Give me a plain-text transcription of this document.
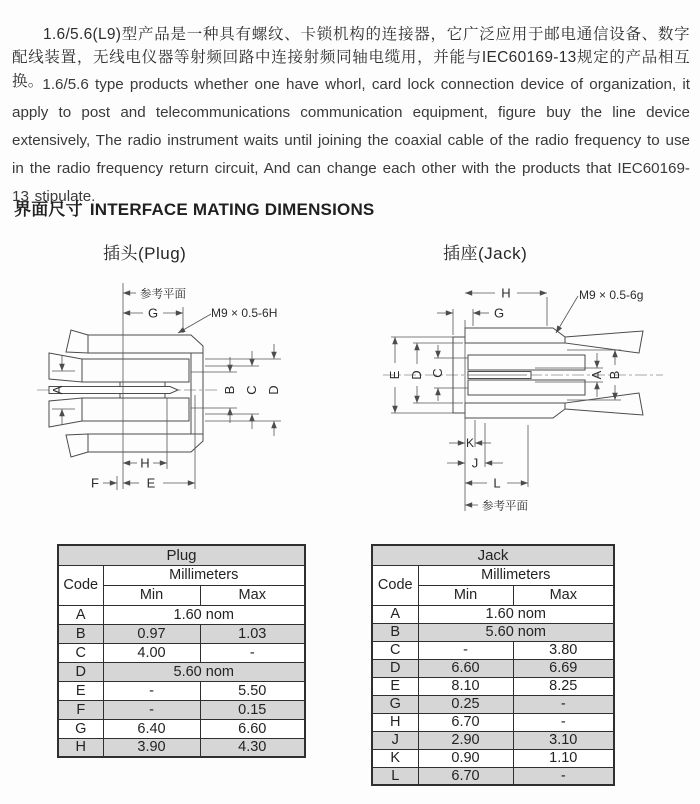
1.6/5.6(L9)型产品是一种具有螺纹、卡锁机构的连接器，它广泛应用于邮电通信设备、数字配线装置，无线电仪器等射频回路中连接射频同轴电缆用，并能与IEC60169-13规定的产品相互换。

1.6/5.6 type products whether one have whorl, card lock connection device of organization, it apply to post and telecommunications communication equipment, figure buy the line device extensively, The radio instrument waits until joining the coaxial cable of the radio frequency to use in the radio frequency return circuit, And can change each other with the products that IEC60169-13 stipulate.

界面尺寸 INTERFACE MATING DIMENSIONS
插头(Plug)	插座(Jack)
参考平面
G	M9 × 0.5-6H
A	B C D
H
F	E
H	M9 × 0.5-6g
G
E D C	A B
K
J
L
参考平面
Plug		
Code	Millimeters	
	Min	Max
A	1.60 nom	
B	0.97	1.03
C	4.00	-
D	5.60 nom	
E	-	5.50
F	-	0.15
G	6.40	6.60
H	3.90	4.30
Jack		
Code	Millimeters	
	Min	Max
A	1.60 nom	
B	5.60 nom	
C	-	3.80
D	6.60	6.69
E	8.10	8.25
G	0.25	-
H	6.70	-
J	2.90	3.10
K	0.90	1.10
L	6.70	-
